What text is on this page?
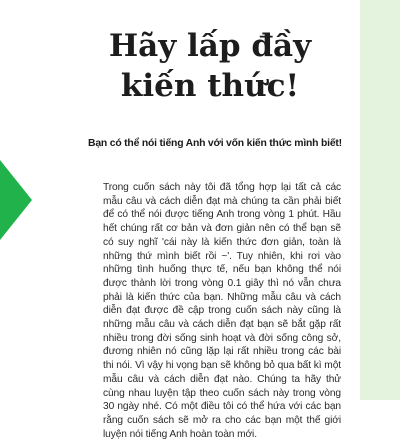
Hãy lấp đầy
kiến thức!

Bạn có thể nói tiếng Anh với vốn kiến thức mình biết!

Trong cuốn sách này tôi đã tổng hợp lại tất cả các mẫu câu và cách diễn đạt mà chúng ta cần phải biết để có thể nói được tiếng Anh trong vòng 1 phút. Hầu hết chúng rất cơ bản và đơn giản nên có thể bạn sẽ có suy nghĩ 'cái này là kiến thức đơn giản, toàn là những thứ mình biết rồi ~'. Tuy nhiên, khi rơi vào những tình huống thực tế, nếu bạn không thể nói được thành lời trong vòng 0.1 giây thì nó vẫn chưa phải là kiến thức của bạn. Những mẫu câu và cách diễn đạt được đề cập trong cuốn sách này cũng là những mẫu câu và cách diễn đạt bạn sẽ bắt gặp rất nhiều trong đời sống sinh hoạt và đời sống công sở, đương nhiên nó cũng lặp lại rất nhiều trong các bài thi nói. Vì vậy hi vọng bạn sẽ không bỏ qua bất kì một mẫu câu và cách diễn đạt nào. Chúng ta hãy thử cùng nhau luyện tập theo cuốn sách này trong vòng 30 ngày nhé. Có một điều tôi có thể hứa với các bạn rằng cuốn sách sẽ mở ra cho các bạn một thế giới luyện nói tiếng Anh hoàn toàn mới.
